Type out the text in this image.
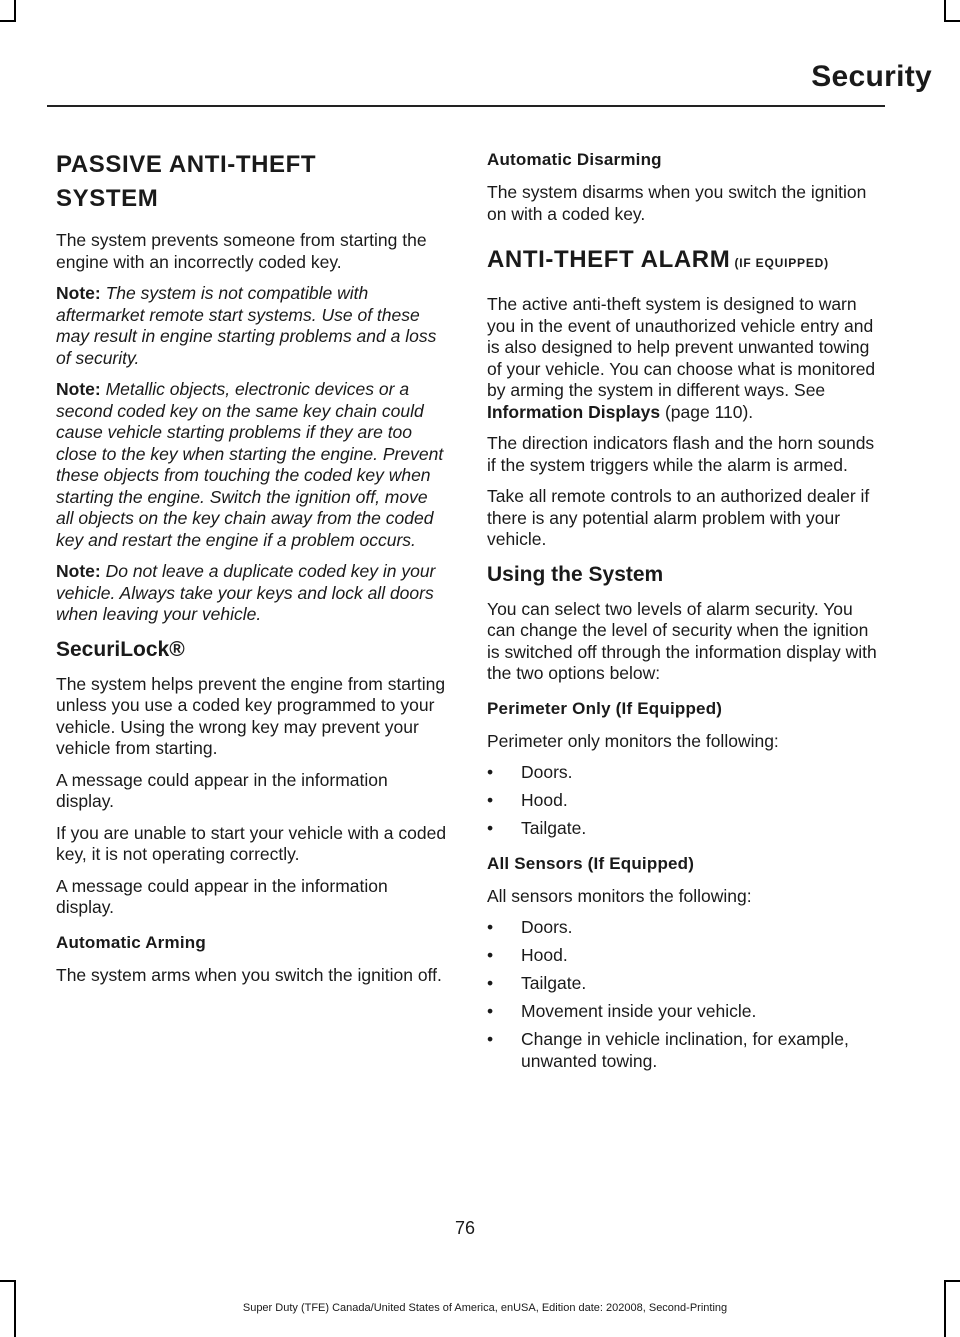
Security
PASSIVE ANTI-THEFT
SYSTEM

The system prevents someone from starting the engine with an incorrectly coded key.

Note: The system is not compatible with aftermarket remote start systems. Use of these may result in engine starting problems and a loss of security.

Note: Metallic objects, electronic devices or a second coded key on the same key chain could cause vehicle starting problems if they are too close to the key when starting the engine. Prevent these objects from touching the coded key when starting the engine. Switch the ignition off, move all objects on the key chain away from the coded key and restart the engine if a problem occurs.

Note: Do not leave a duplicate coded key in your vehicle. Always take your keys and lock all doors when leaving your vehicle.

SecuriLock®

The system helps prevent the engine from starting unless you use a coded key programmed to your vehicle. Using the wrong key may prevent your vehicle from starting.

A message could appear in the information display.

If you are unable to start your vehicle with a coded key, it is not operating correctly.

A message could appear in the information display.

Automatic Arming

The system arms when you switch the ignition off.

Automatic Disarming

The system disarms when you switch the ignition on with a coded key.

ANTI-THEFT ALARM (IF EQUIPPED)

The active anti-theft system is designed to warn you in the event of unauthorized vehicle entry and is also designed to help prevent unwanted towing of your vehicle. You can choose what is monitored by arming the system in different ways. See Information Displays (page 110).

The direction indicators flash and the horn sounds if the system triggers while the alarm is armed.

Take all remote controls to an authorized dealer if there is any potential alarm problem with your vehicle.

Using the System

You can select two levels of alarm security. You can change the level of security when the ignition is switched off through the information display with the two options below:

Perimeter Only (If Equipped)

Perimeter only monitors the following:

• Doors.
• Hood.
• Tailgate.
All Sensors (If Equipped)

All sensors monitors the following:

• Doors.
• Hood.
• Tailgate.
• Movement inside your vehicle.
• Change in vehicle inclination, for example, unwanted towing.
76
Super Duty (TFE) Canada/United States of America, enUSA, Edition date: 202008, Second-Printing
